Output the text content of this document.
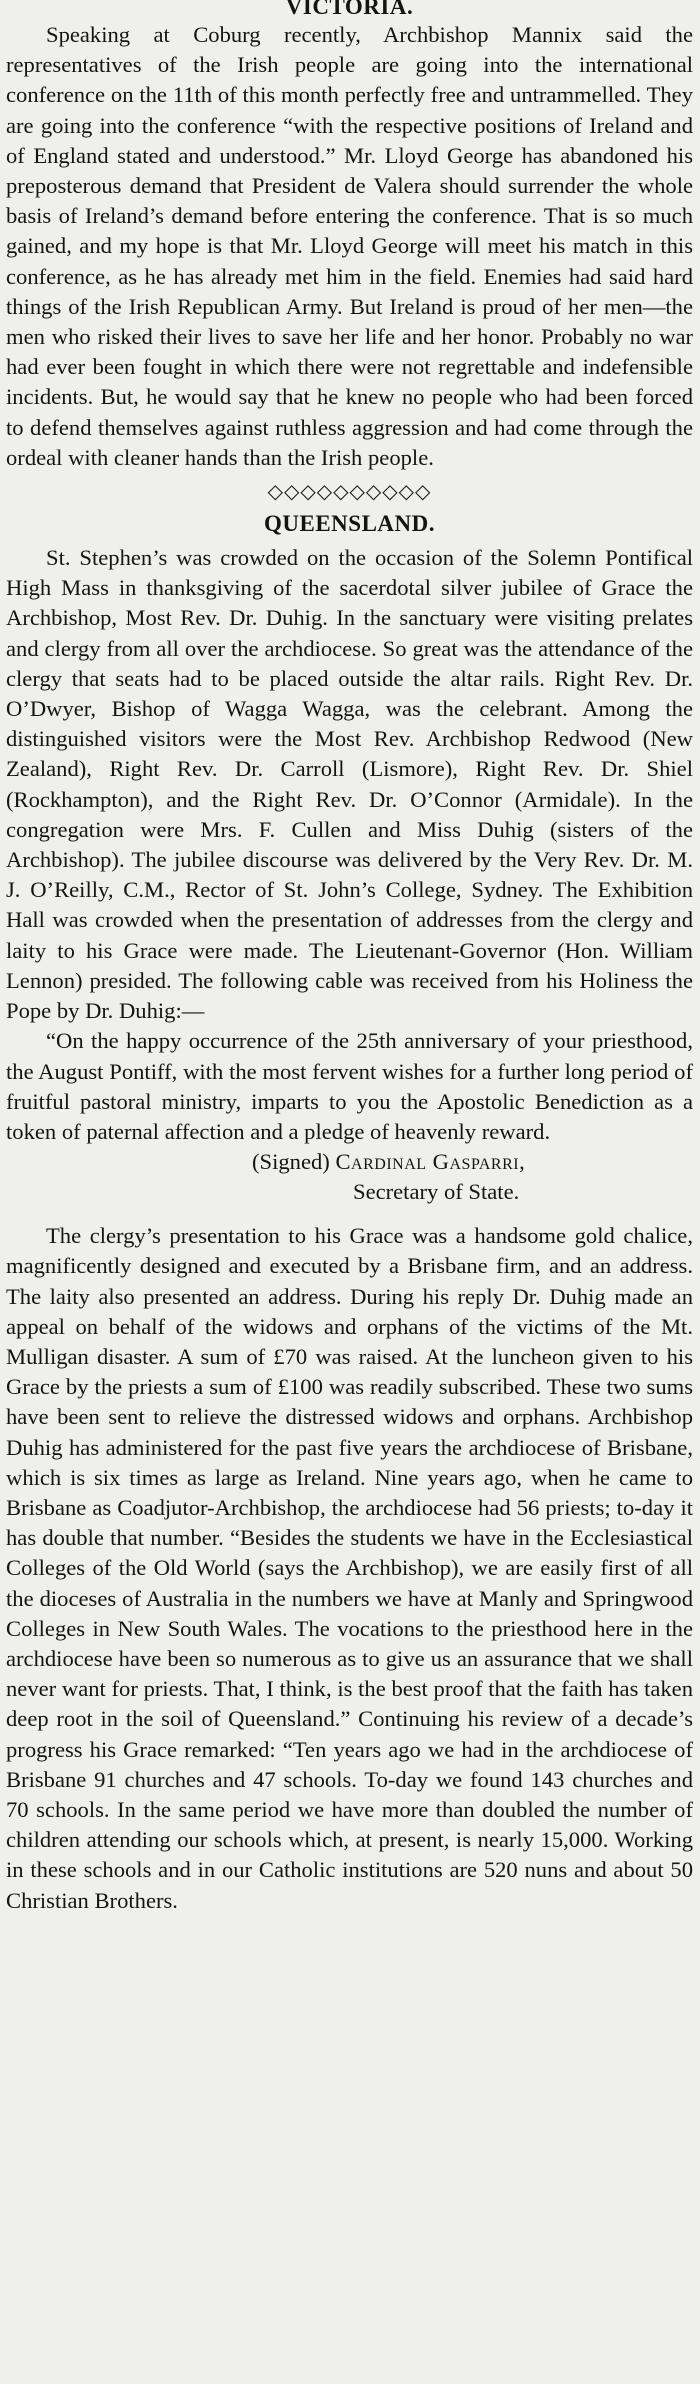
VICTORIA.

Speaking at Coburg recently, Archbishop Mannix said the representatives of the Irish people are going into the international conference on the 11th of this month perfectly free and untrammelled. They are going into the conference “with the respective positions of Ireland and of England stated and understood.” Mr. Lloyd George has abandoned his preposterous demand that President de Valera should surrender the whole basis of Ireland’s demand before entering the conference. That is so much gained, and my hope is that Mr. Lloyd George will meet his match in this conference, as he has already met him in the field. Enemies had said hard things of the Irish Republican Army. But Ireland is proud of her men—the men who risked their lives to save her life and her honor. Probably no war had ever been fought in which there were not regrettable and indefensible incidents. But, he would say that he knew no people who had been forced to defend themselves against ruthless aggression and had come through the ordeal with cleaner hands than the Irish people.

◇◇◇◇◇◇◇◇◇◇
QUEENSLAND.

St. Stephen’s was crowded on the occasion of the Solemn Pontifical High Mass in thanksgiving of the sacerdotal silver jubilee of Grace the Archbishop, Most Rev. Dr. Duhig. In the sanctuary were visiting prelates and clergy from all over the archdiocese. So great was the attendance of the clergy that seats had to be placed outside the altar rails. Right Rev. Dr. O’Dwyer, Bishop of Wagga Wagga, was the celebrant. Among the distinguished visitors were the Most Rev. Archbishop Redwood (New Zealand), Right Rev. Dr. Carroll (Lismore), Right Rev. Dr. Shiel (Rockhampton), and the Right Rev. Dr. O’Connor (Armidale). In the congregation were Mrs. F. Cullen and Miss Duhig (sisters of the Archbishop). The jubilee discourse was delivered by the Very Rev. Dr. M. J. O’Reilly, C.M., Rector of St. John’s College, Sydney. The Exhibition Hall was crowded when the presentation of addresses from the clergy and laity to his Grace were made. The Lieutenant-Governor (Hon. William Lennon) presided. The following cable was received from his Holiness the Pope by Dr. Duhig:—

“On the happy occurrence of the 25th anniversary of your priesthood, the August Pontiff, with the most fervent wishes for a further long period of fruitful pastoral ministry, imparts to you the Apostolic Benediction as a token of paternal affection and a pledge of heavenly reward.

(Signed) Cardinal Gasparri,
Secretary of State.

The clergy’s presentation to his Grace was a handsome gold chalice, magnificently designed and executed by a Brisbane firm, and an address. The laity also presented an address. During his reply Dr. Duhig made an appeal on behalf of the widows and orphans of the victims of the Mt. Mulligan disaster. A sum of £70 was raised. At the luncheon given to his Grace by the priests a sum of £100 was readily subscribed. These two sums have been sent to relieve the distressed widows and orphans. Archbishop Duhig has administered for the past five years the archdiocese of Brisbane, which is six times as large as Ireland. Nine years ago, when he came to Brisbane as Coadjutor-Archbishop, the archdiocese had 56 priests; to-day it has double that number. “Besides the students we have in the Ecclesiastical Colleges of the Old World (says the Archbishop), we are easily first of all the dioceses of Australia in the numbers we have at Manly and Springwood Colleges in New South Wales. The vocations to the priesthood here in the archdiocese have been so numerous as to give us an assurance that we shall never want for priests. That, I think, is the best proof that the faith has taken deep root in the soil of Queensland.” Continuing his review of a decade’s progress his Grace remarked: “Ten years ago we had in the archdiocese of Brisbane 91 churches and 47 schools. To-day we found 143 churches and 70 schools. In the same period we have more than doubled the number of children attending our schools which, at present, is nearly 15,000. Working in these schools and in our Catholic institutions are 520 nuns and about 50 Christian Brothers.
